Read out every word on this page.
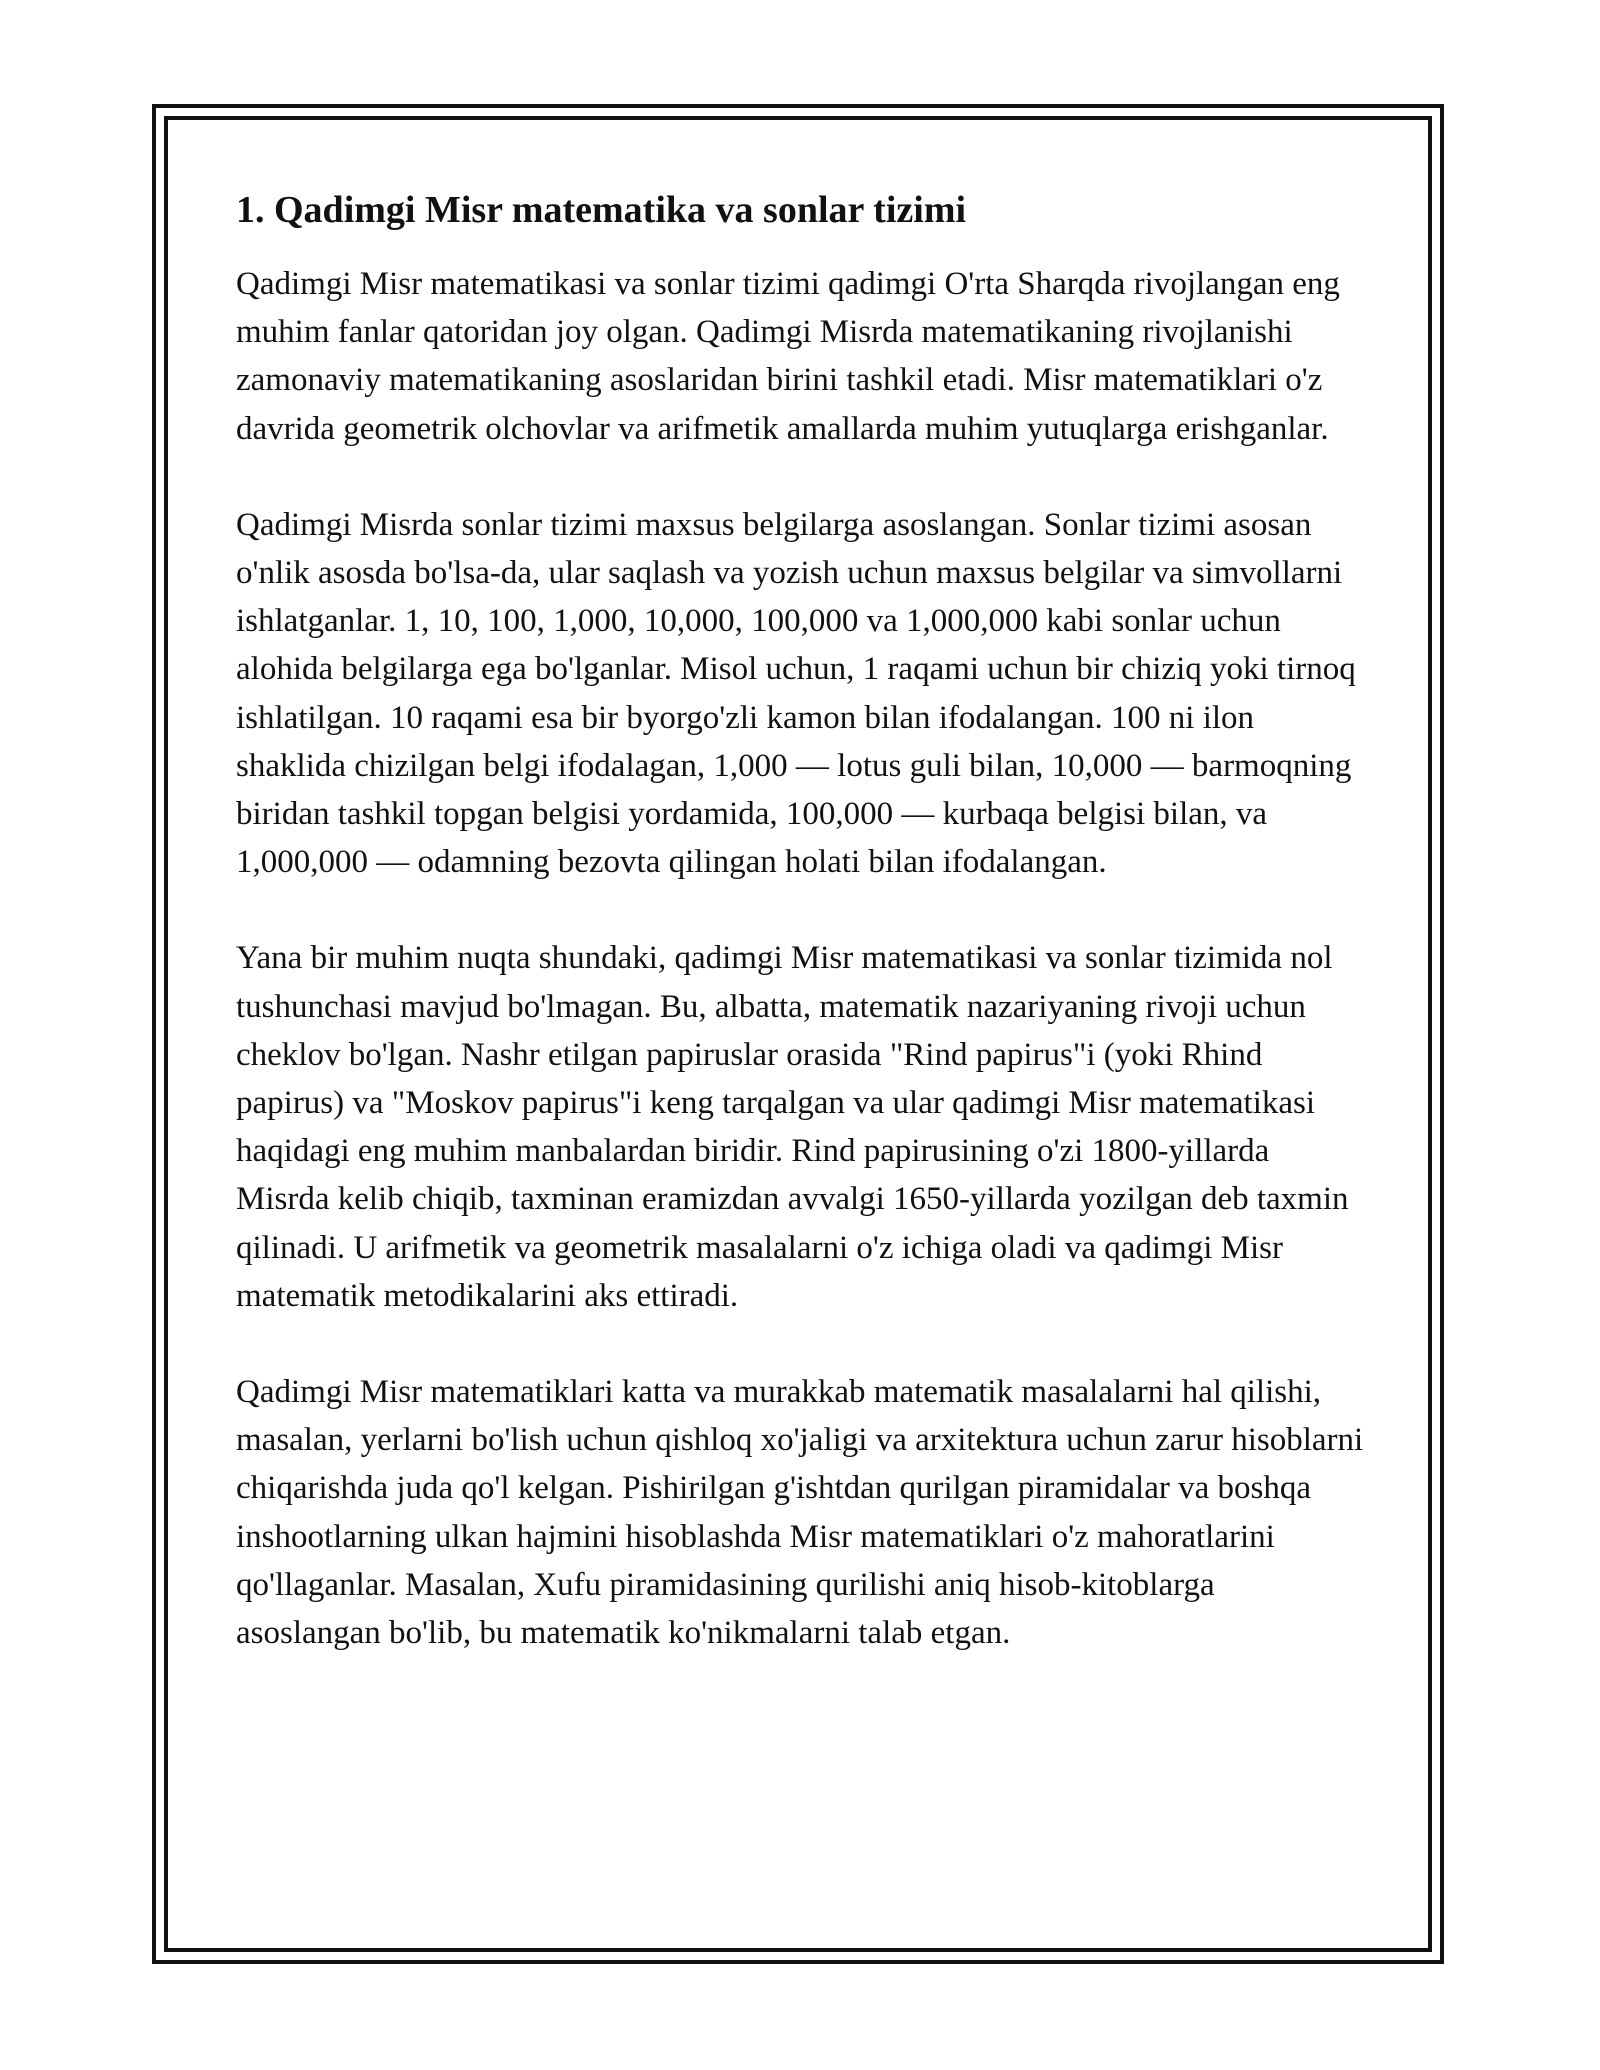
1. Qadimgi Misr matematika va sonlar tizimi

Qadimgi Misr matematikasi va sonlar tizimi qadimgi O'rta Sharqda rivojlangan eng muhim fanlar qatoridan joy olgan. Qadimgi Misrda matematikaning rivojlanishi zamonaviy matematikaning asoslaridan birini tashkil etadi. Misr matematiklari o'z davrida geometrik olchovlar va arifmetik amallarda muhim yutuqlarga erishganlar.

Qadimgi Misrda sonlar tizimi maxsus belgilarga asoslangan. Sonlar tizimi asosan o'nlik asosda bo'lsa-da, ular saqlash va yozish uchun maxsus belgilar va simvollarni ishlatganlar. 1, 10, 100, 1,000, 10,000, 100,000 va 1,000,000 kabi sonlar uchun alohida belgilarga ega bo'lganlar. Misol uchun, 1 raqami uchun bir chiziq yoki tirnoq ishlatilgan. 10 raqami esa bir byorgo'zli kamon bilan ifodalangan. 100 ni ilon shaklida chizilgan belgi ifodalagan, 1,000 — lotus guli bilan, 10,000 — barmoqning biridan tashkil topgan belgisi yordamida, 100,000 — kurbaqa belgisi bilan, va 1,000,000 — odamning bezovta qilingan holati bilan ifodalangan.

Yana bir muhim nuqta shundaki, qadimgi Misr matematikasi va sonlar tizimida nol tushunchasi mavjud bo'lmagan. Bu, albatta, matematik nazariyaning rivoji uchun cheklov bo'lgan. Nashr etilgan papiruslar orasida "Rind papirus"i (yoki Rhind papirus) va "Moskov papirus"i keng tarqalgan va ular qadimgi Misr matematikasi haqidagi eng muhim manbalardan biridir. Rind papirusining o'zi 1800-yillarda Misrda kelib chiqib, taxminan eramizdan avvalgi 1650-yillarda yozilgan deb taxmin qilinadi. U arifmetik va geometrik masalalarni o'z ichiga oladi va qadimgi Misr matematik metodikalarini aks ettiradi.

Qadimgi Misr matematiklari katta va murakkab matematik masalalarni hal qilishi, masalan, yerlarni bo'lish uchun qishloq xo'jaligi va arxitektura uchun zarur hisoblarni chiqarishda juda qo'l kelgan. Pishirilgan g'ishtdan qurilgan piramidalar va boshqa inshootlarning ulkan hajmini hisoblashda Misr matematiklari o'z mahoratlarini qo'llaganlar. Masalan, Xufu piramidasining qurilishi aniq hisob-kitoblarga asoslangan bo'lib, bu matematik ko'nikmalarni talab etgan.
